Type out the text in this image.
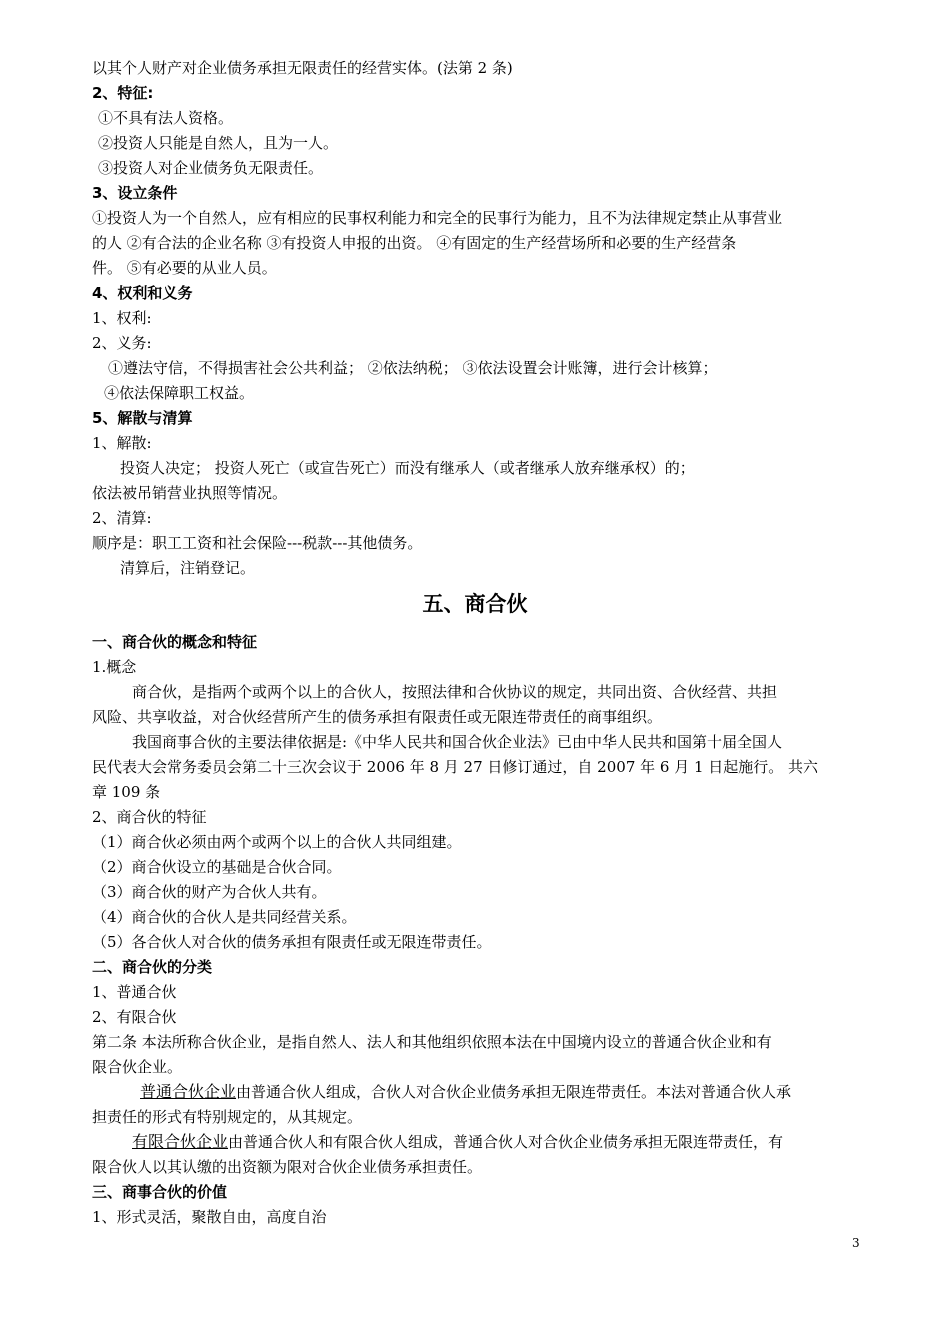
以其个人财产对企业债务承担无限责任的经营实体。(法第 2 条)
2、特征:
①不具有法人资格。
②投资人只能是自然人，且为一人。
③投资人对企业债务负无限责任。
3、设立条件
①投资人为一个自然人，应有相应的民事权利能力和完全的民事行为能力，且不为法律规定禁止从事营业
的人 ②有合法的企业名称 ③有投资人申报的出资。 ④有固定的生产经营场所和必要的生产经营条
件。 ⑤有必要的从业人员。
4、权利和义务
1、权利:
2、义务:
①遵法守信，不得损害社会公共利益； ②依法纳税； ③依法设置会计账簿，进行会计核算；
④依法保障职工权益。
5、解散与清算
1、解散:
投资人决定； 投资人死亡（或宣告死亡）而没有继承人（或者继承人放弃继承权）的；
依法被吊销营业执照等情况。
2、清算:
顺序是：职工工资和社会保险---税款---其他债务。
清算后，注销登记。
五、商合伙
一、商合伙的概念和特征
1.概念
商合伙，是指两个或两个以上的合伙人，按照法律和合伙协议的规定，共同出资、合伙经营、共担
风险、共享收益，对合伙经营所产生的债务承担有限责任或无限连带责任的商事组织。
我国商事合伙的主要法律依据是:《中华人民共和国合伙企业法》已由中华人民共和国第十届全国人
民代表大会常务委员会第二十三次会议于 2006 年 8 月 27 日修订通过，自 2007 年 6 月 1 日起施行。 共六
章 109 条
2、商合伙的特征
（1）商合伙必须由两个或两个以上的合伙人共同组建。
（2）商合伙设立的基础是合伙合同。
（3）商合伙的财产为合伙人共有。
（4）商合伙的合伙人是共同经营关系。
（5）各合伙人对合伙的债务承担有限责任或无限连带责任。
二、商合伙的分类
1、普通合伙
2、有限合伙
第二条 本法所称合伙企业，是指自然人、法人和其他组织依照本法在中国境内设立的普通合伙企业和有
限合伙企业。
普通合伙企业由普通合伙人组成，合伙人对合伙企业债务承担无限连带责任。本法对普通合伙人承
担责任的形式有特别规定的，从其规定。
有限合伙企业由普通合伙人和有限合伙人组成，普通合伙人对合伙企业债务承担无限连带责任，有
限合伙人以其认缴的出资额为限对合伙企业债务承担责任。
三、商事合伙的价值
1、形式灵活，聚散自由，高度自治
3
